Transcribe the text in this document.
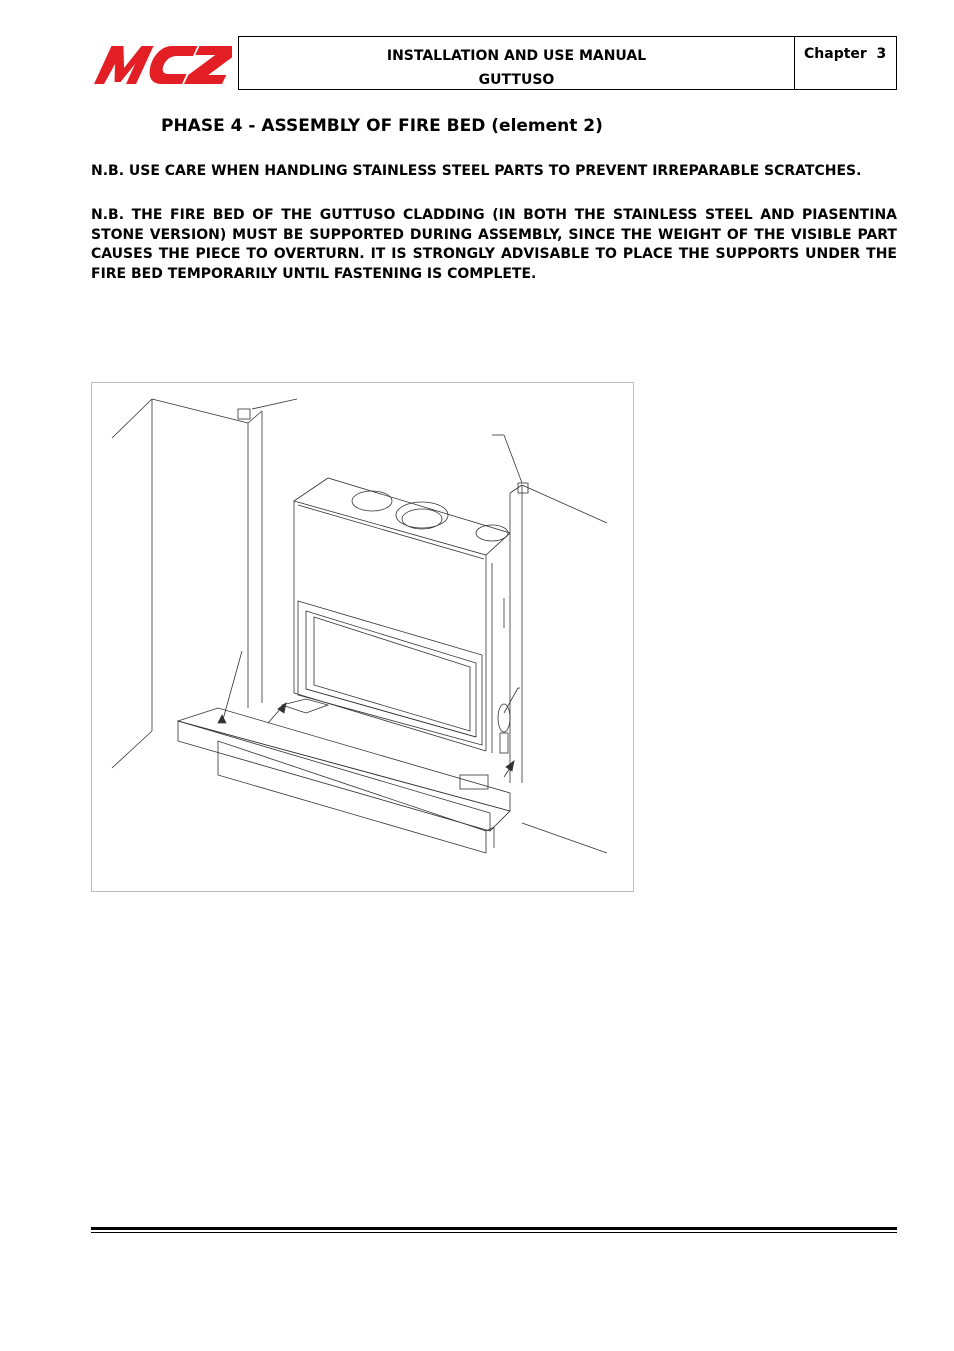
INSTALLATION AND USE MANUAL
GUTTUSO
Chapter  3
PHASE 4 - ASSEMBLY OF FIRE BED (element 2)
N.B. USE CARE WHEN HANDLING STAINLESS STEEL PARTS TO PREVENT IRREPARABLE SCRATCHES.
N.B. THE FIRE BED OF THE GUTTUSO CLADDING (IN BOTH THE STAINLESS STEEL AND PIASENTINA STONE VERSION) MUST BE SUPPORTED DURING ASSEMBLY, SINCE THE WEIGHT OF THE VISIBLE PART CAUSES THE PIECE TO OVERTURN. IT IS STRONGLY ADVISABLE TO PLACE THE SUPPORTS UNDER THE FIRE BED TEMPORARILY UNTIL FASTENING IS COMPLETE.
